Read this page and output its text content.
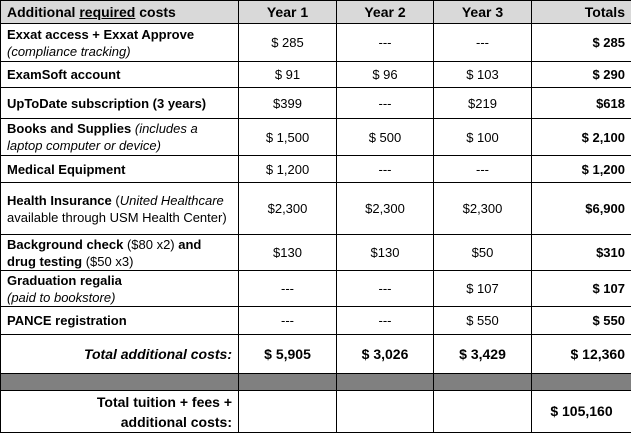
Additional required costs	Year 1	Year 2	Year 3	Totals
Exxat access + Exxat Approve
(compliance tracking)	$ 285	---	---	$ 285
ExamSoft account	$ 91	$ 96	$ 103	$ 290
UpToDate subscription (3 years)	$399	---	$219	$618
Books and Supplies (includes a laptop computer or device)	$ 1,500	$ 500	$ 100	$ 2,100
Medical Equipment	$ 1,200	---	---	$ 1,200
Health Insurance (United Healthcare available through USM Health Center)	$2,300	$2,300	$2,300	$6,900
Background check ($80 x2) and drug testing ($50 x3)	$130	$130	$50	$310
Graduation regalia
(paid to bookstore)	---	---	$ 107	$ 107
PANCE registration	---	---	$ 550	$ 550
Total additional costs:	$ 5,905	$ 3,026	$ 3,429	$ 12,360

Total tuition + fees +
additional costs:				$ 105,160
